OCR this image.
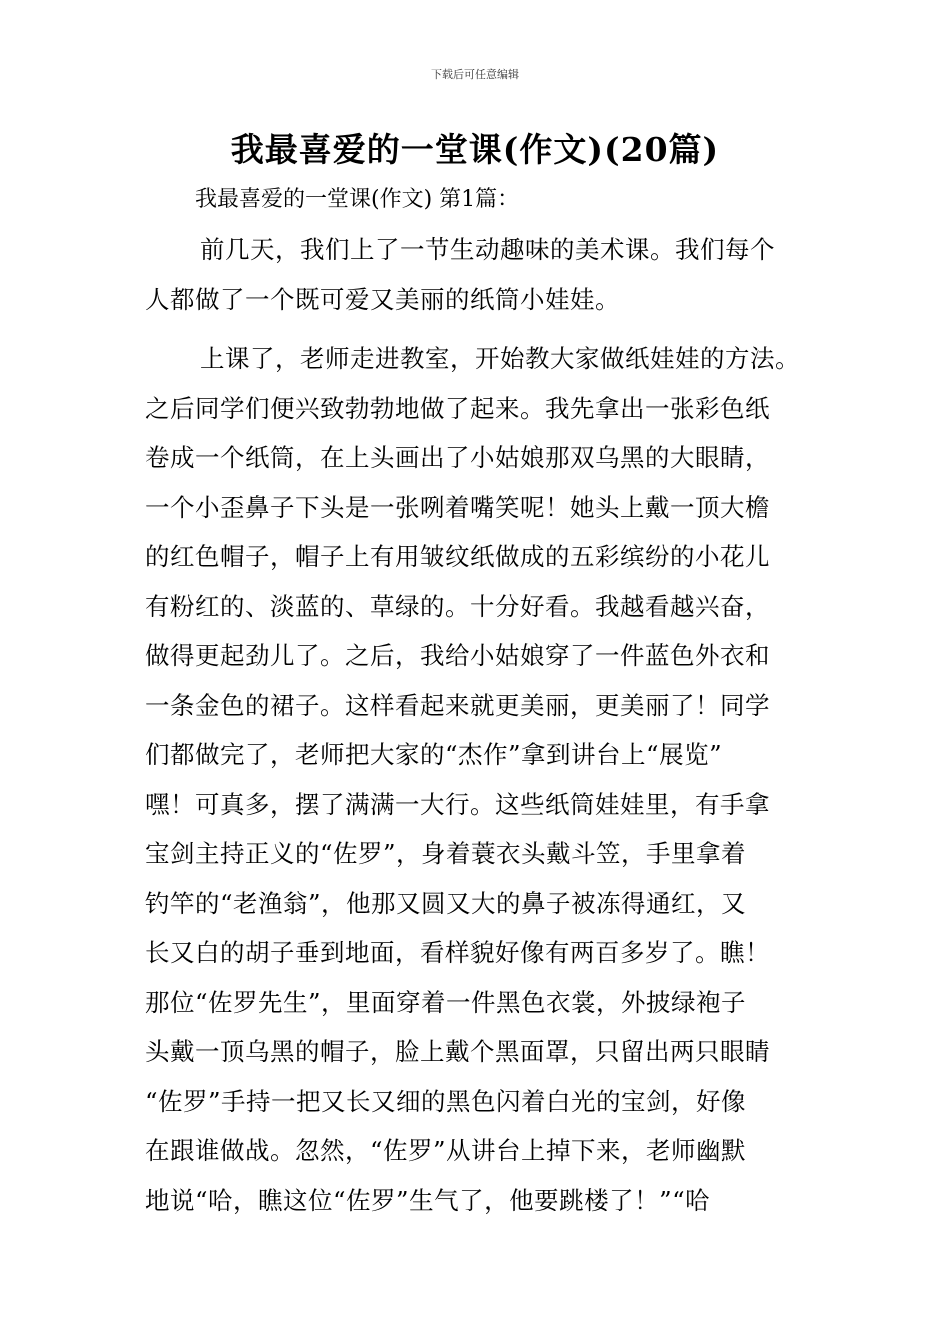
下载后可任意编辑
我最喜爱的一堂课(作文)(20篇)
我最喜爱的一堂课(作文) 第1篇：
前几天，我们上了一节生动趣味的美术课。我们每个
人都做了一个既可爱又美丽的纸筒小娃娃。
上课了，老师走进教室，开始教大家做纸娃娃的方法。
之后同学们便兴致勃勃地做了起来。我先拿出一张彩色纸
卷成一个纸筒，在上头画出了小姑娘那双乌黑的大眼睛，
一个小歪鼻子下头是一张咧着嘴笑呢！她头上戴一顶大檐
的红色帽子，帽子上有用皱纹纸做成的五彩缤纷的小花儿
有粉红的、淡蓝的、草绿的。十分好看。我越看越兴奋，
做得更起劲儿了。之后，我给小姑娘穿了一件蓝色外衣和
一条金色的裙子。这样看起来就更美丽，更美丽了！同学
们都做完了，老师把大家的“杰作”拿到讲台上“展览”
嘿！可真多，摆了满满一大行。这些纸筒娃娃里，有手拿
宝剑主持正义的“佐罗”，身着蓑衣头戴斗笠，手里拿着
钓竿的“老渔翁”，他那又圆又大的鼻子被冻得通红，又
长又白的胡子垂到地面，看样貌好像有两百多岁了。瞧！
那位“佐罗先生”，里面穿着一件黑色衣裳，外披绿袍子
头戴一顶乌黑的帽子，脸上戴个黑面罩，只留出两只眼睛
“佐罗”手持一把又长又细的黑色闪着白光的宝剑，好像
在跟谁做战。忽然，“佐罗”从讲台上掉下来，老师幽默
地说“哈，瞧这位“佐罗”生气了，他要跳楼了！”“哈
